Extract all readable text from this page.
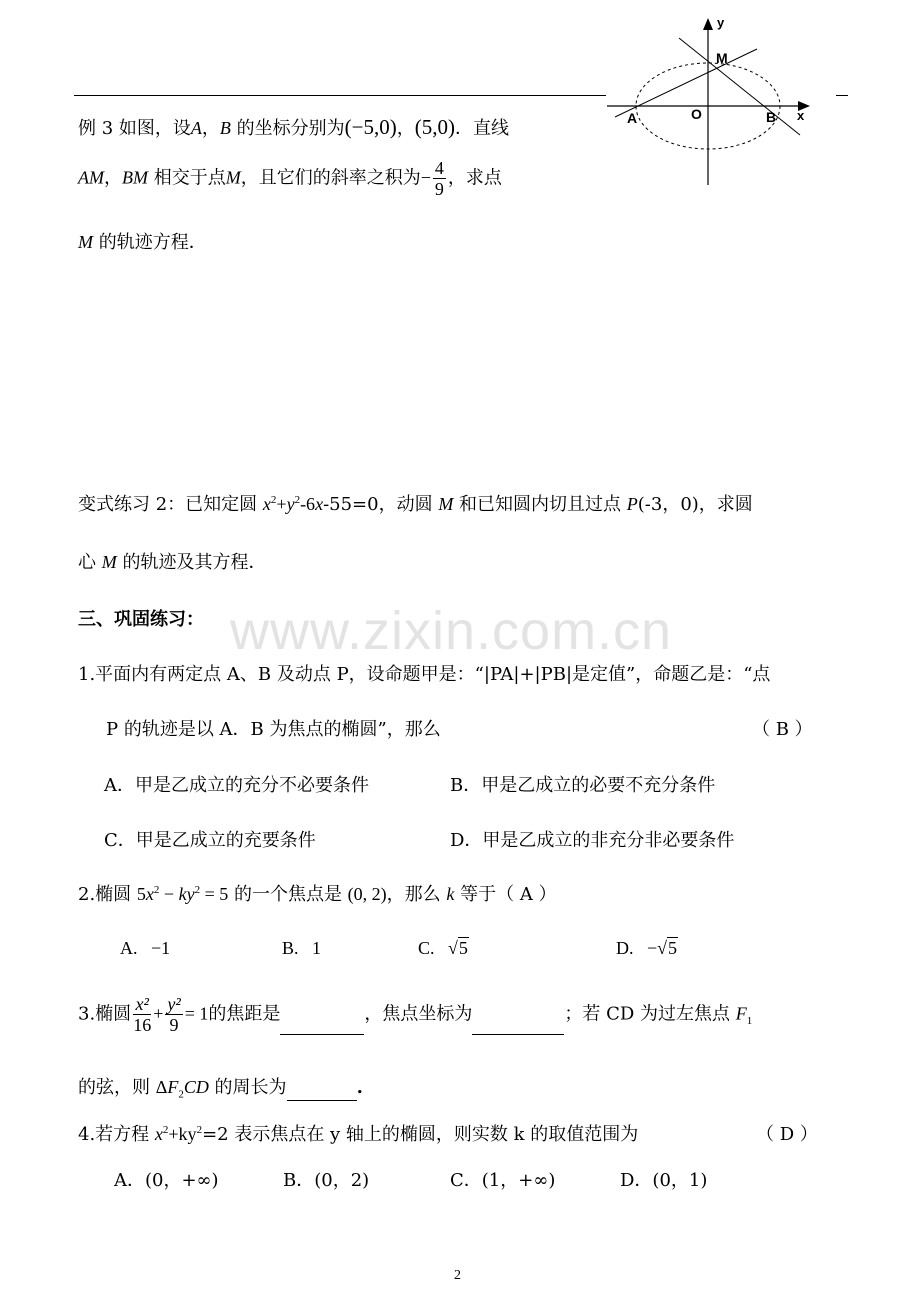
www.zixin.com.cn
y
x
M
O
A	B
例 3 如图，设A，B 的坐标分别为(−5,0)，(5,0)．直线
AM，BM 相交于点M，且它们的斜率之积为− $\frac{4}{9}$ ，求点
M 的轨迹方程．
变式练习 2：已知定圆 $x^2+y^2-6x-55=0$，动圆 M 和已知圆内切且过点 P(-3，0)，求圆
心 M 的轨迹及其方程．
三、巩固练习：
1.平面内有两定点 A、B 及动点 P，设命题甲是：“|PA|+|PB|是定值”，命题乙是：“点
P 的轨迹是以 A．B 为焦点的椭圆”，那么	（ B ）
A．甲是乙成立的充分不必要条件	B．甲是乙成立的必要不充分条件
C．甲是乙成立的充要条件	D．甲是乙成立的非充分非必要条件
2.椭圆 $5x^2 - ky^2 = 5$ 的一个焦点是 (0, 2)，那么 k 等于（ A ）
A. −1	B. 1	C.   √5	D. −√5
3.椭圆 $\frac{\text{x²}}{16} + \frac{\text{y²}}{9} = 1$的焦距是	，焦点坐标为	；若 CD 为过左焦点 $F_1$
的弦，则 $\Delta F_2CD$ 的周长为	.
4.若方程 $x^2+ky^2=2$ 表示焦点在 y 轴上的椭圆，则实数 k 的取值范围为	（ D ）
A．(0，+∞)	B．(0，2)	C．(1，+∞)	D．(0，1)
2
